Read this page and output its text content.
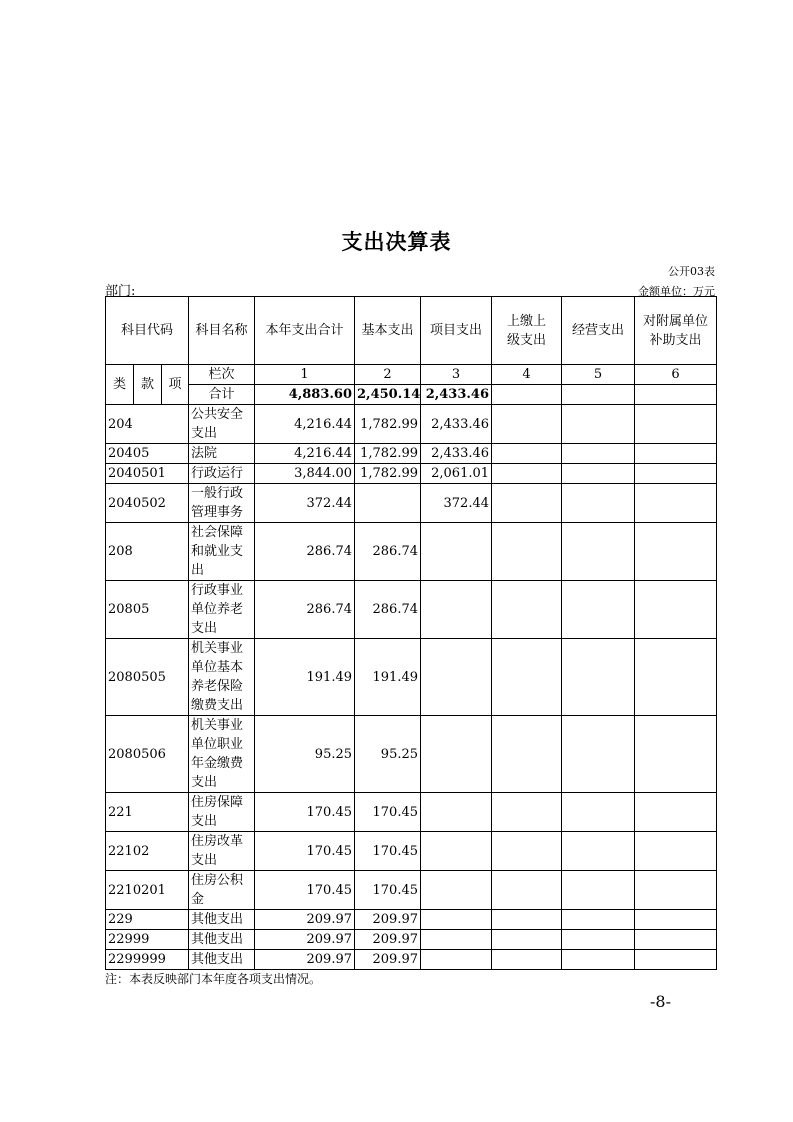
支出决算表
公开03表
部门:	金额单位：万元
科目代码			科目名称	本年支出合计	基本支出	项目支出	上缴上级支出	经营支出	对附属单位补助支出

类	款	项	栏次	1	2	3	4	5	6
			合计	4,883.60	2,450.14	2,433.46			
204			公共安全支出	4,216.44	1,782.99	2,433.46			
20405			法院	4,216.44	1,782.99	2,433.46			
2040501			行政运行	3,844.00	1,782.99	2,061.01			
2040502			一般行政管理事务	372.44		372.44			
208			社会保障和就业支出	286.74	286.74				
20805			行政事业单位养老支出	286.74	286.74				
2080505			机关事业单位基本养老保险缴费支出	191.49	191.49				
2080506			机关事业单位职业年金缴费支出	95.25	95.25				
221			住房保障支出	170.45	170.45				
22102			住房改革支出	170.45	170.45				
2210201			住房公积金	170.45	170.45				
229			其他支出	209.97	209.97				
22999			其他支出	209.97	209.97				
2299999			其他支出	209.97	209.97				
注：本表反映部门本年度各项支出情况。
-8-
